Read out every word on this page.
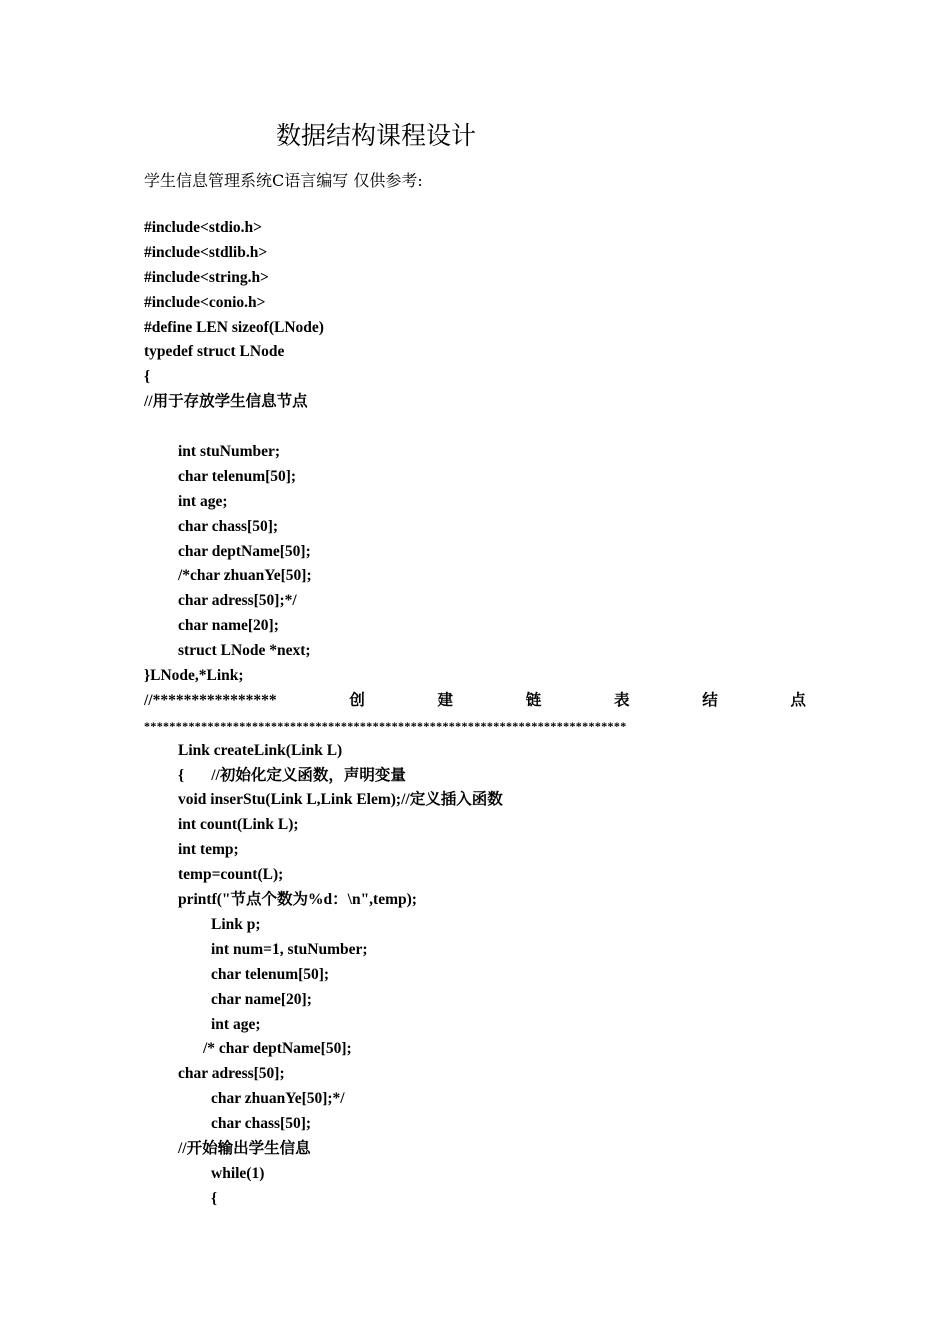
数据结构课程设计
学生信息管理系统C语言编写 仅供参考:
#include<stdio.h>
#include<stdlib.h>
#include<string.h>
#include<conio.h>
#define LEN sizeof(LNode)
typedef struct LNode
{
//用于存放学生信息节点
int stuNumber;
char telenum[50];
int age;
char chass[50];
char deptName[50];
/*char zhuanYe[50];
char adress[50];*/
char name[20];
struct LNode *next;
}LNode,*Link;
//****************	创	建	链	表	结	点
****************************************************************************
Link createLink(Link L)
{       //初始化定义函数，声明变量
void inserStu(Link L,Link Elem);//定义插入函数
int count(Link L);
int temp;
temp=count(L);
printf("节点个数为%d：\n",temp);
Link p;
int num=1, stuNumber;
char telenum[50];
char name[20];
int age;
/* char deptName[50];
char adress[50];
char zhuanYe[50];*/
char chass[50];
//开始输出学生信息
while(1)
{
